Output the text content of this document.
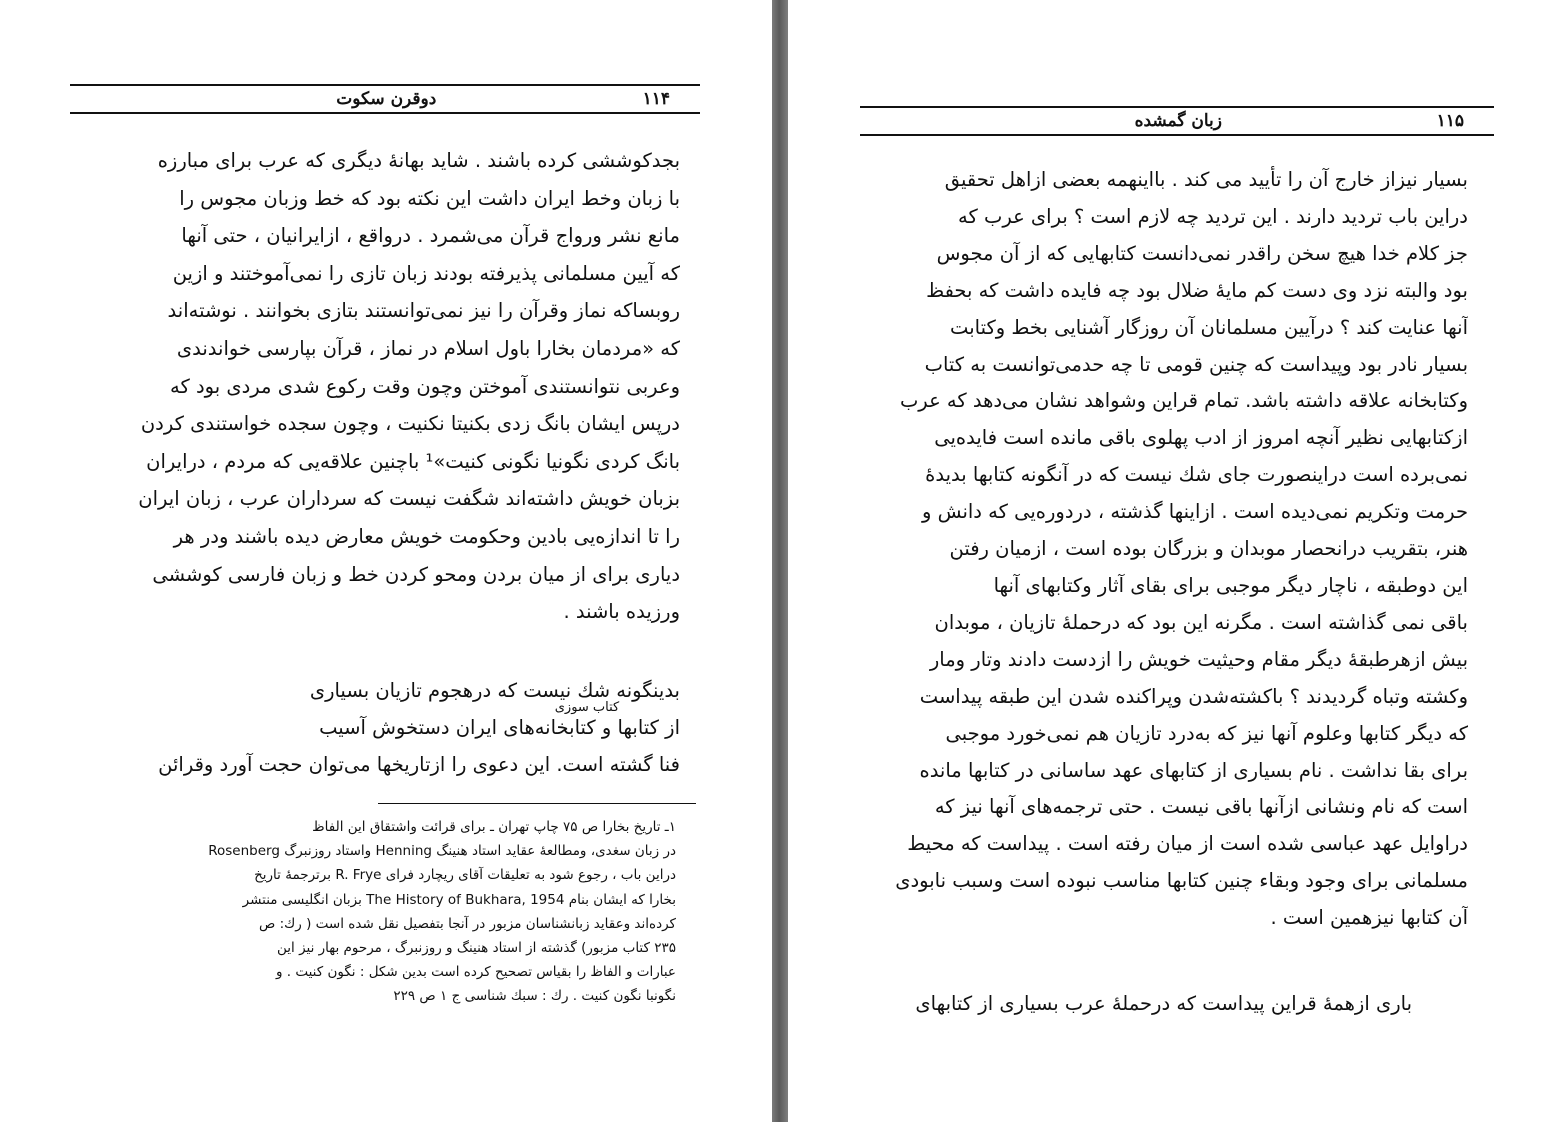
۱۱۴
دوقرن سکوت
بجدکوششی کرده باشند . شاید بهانهٔ دیگری که عرب برای مبارزه
با زبان وخط ایران داشت این نکته بود که خط وزبان مجوس را
مانع نشر ورواج قرآن می‌شمرد . درواقع ، ازایرانیان ، حتی آنها
که آیین مسلمانی پذیرفته بودند زبان تازی را نمی‌آموختند و ازین
روبساکه نماز وقرآن را نیز نمی‌توانستند بتازی بخوانند . نوشته‌اند
که «مردمان بخارا باول اسلام در نماز ، قرآن بپارسی خواندندی
وعربی نتوانستندی آموختن وچون وقت رکوع شدی مردی بود که
درپس ایشان بانگ زدی بکنیتا نکنیت ، وچون سجده خواستندی کردن
بانگ کردی نگونیا نگونی کنیت»¹ باچنین علاقه‌یی که مردم ، درایران
بزبان خویش داشته‌اند شگفت نیست که سرداران عرب ، زبان ایران
را تا اندازه‌یی بادین وحکومت خویش معارض دیده باشند ودر هر
دیاری برای از میان بردن ومحو کردن خط و زبان فارسی کوششی
ورزیده باشند .
بدینگونه شك نیست که درهجوم تازیان بسیاری
از کتابها و کتابخانه‌های ایران دستخوش آسیب
فنا گشته است. این دعوی را ازتاریخها می‌توان حجت آورد وقرائن
کتاب سوزی
۱ـ تاریخ بخارا ص ۷۵ چاپ تهران ـ برای قرائت واشتقاق این الفاظ
در زبان سغدی، ومطالعهٔ عقاید استاد هنینگ Henning واستاد روزنبرگ Rosenberg
دراین باب ، رجوع شود به تعلیقات آقای ریچارد فرای R. Frye برترجمهٔ تاریخ
بخارا که ایشان بنام The History of Bukhara, 1954 بزبان انگلیسی منتشر
کرده‌اند وعقاید زبانشناسان مزبور در آنجا بتفصیل نقل شده است ( رك: ص
۲۳۵ کتاب مزبور) گذشته از استاد هنینگ و روزنبرگ ، مرحوم بهار نیز این
عبارات و الفاظ را بقیاس تصحیح کرده است بدین شکل : نگون کنیت . و
نگونبا نگون کنیت . رك : سبك شناسی ج ۱ ص ۲۲۹
۱۱۵
زبان گمشده
بسیار نیزاز خارج آن را تأیید می کند . بااینهمه بعضی ازاهل تحقیق
دراین باب تردید دارند . این تردید چه لازم است ؟ برای عرب که
جز کلام خدا هیچ سخن راقدر نمی‌دانست کتابهایی که از آن مجوس
بود والبته نزد وی دست کم مایهٔ ضلال بود چه فایده داشت که بحفظ
آنها عنایت کند ؟ درآیین مسلمانان آن روزگار آشنایی بخط وکتابت
بسیار نادر بود وپیداست که چنین قومی تا چه حدمی‌توانست به کتاب
وکتابخانه علاقه داشته باشد. تمام قراین وشواهد نشان می‌دهد که عرب
ازکتابهایی نظیر آنچه امروز از ادب پهلوی باقی مانده است فایده‌یی
نمی‌برده است دراینصورت جای شك نیست که در آنگونه کتابها بدیدهٔ
حرمت وتکریم نمی‌دیده است . ازاینها گذشته ، دردوره‌یی که دانش و
هنر، بتقریب درانحصار موبدان و بزرگان بوده است ، ازمیان رفتن
این دوطبقه ، ناچار دیگر موجبی برای بقای آثار وکتابهای آنها
باقی نمی گذاشته است . مگرنه این بود که درحملهٔ تازیان ، موبدان
بیش ازهرطبقهٔ دیگر مقام وحیثیت خویش را ازدست دادند وتار ومار
وکشته وتباه گردیدند ؟ باکشته‌شدن وپراکنده شدن این طبقه پیداست
که دیگر کتابها وعلوم آنها نیز که به‌درد تازیان هم نمی‌خورد موجبی
برای بقا نداشت . نام بسیاری از کتابهای عهد ساسانی در کتابها مانده
است که نام ونشانی ازآنها باقی نیست . حتی ترجمه‌های آنها نیز که
دراوایل عهد عباسی شده است از میان رفته است . پیداست که محیط
مسلمانی برای وجود وبقاء چنین کتابها مناسب نبوده است وسبب نابودی
آن کتابها نیزهمین است .
باری ازهمهٔ قراین پیداست که درحملهٔ عرب بسیاری از کتابهای
